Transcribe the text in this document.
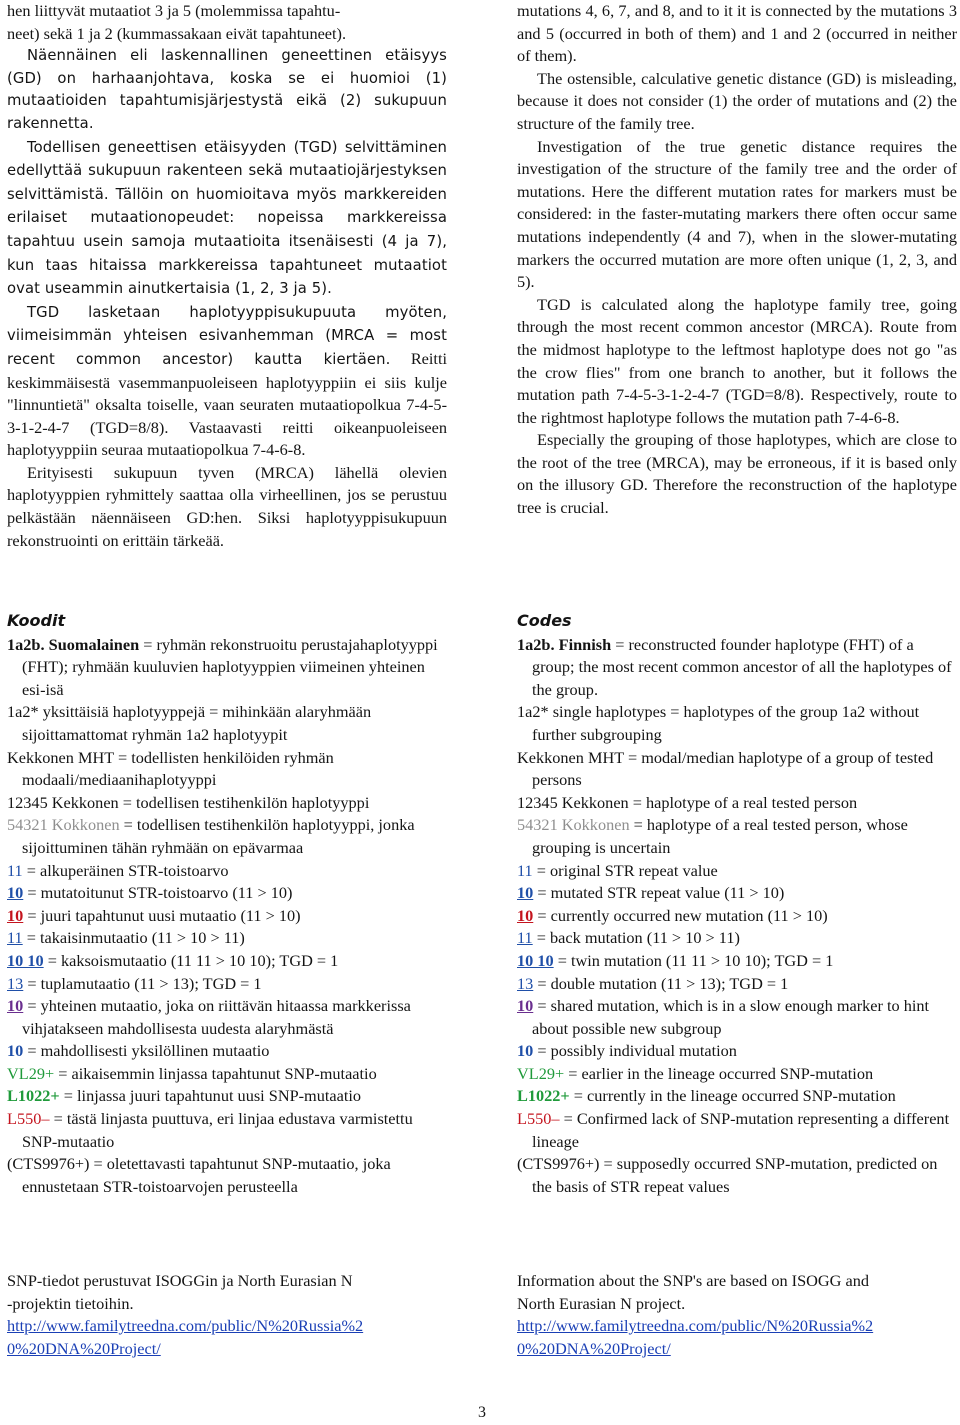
hen liittyvät mutaatiot 3 ja 5 (molemmissa tapahtu-
neet) sekä 1 ja 2 (kummassakaan eivät tapahtuneet).

Näennäinen eli laskennallinen geneettinen etäisyys (GD) on harhaanjohtava, koska se ei huomioi (1) mutaatioiden tapahtumisjärjestystä eikä (2) sukupuun rakennetta.

Todellisen geneettisen etäisyyden (TGD) selvittäminen edellyttää sukupuun rakenteen sekä mutaatiojärjestyksen selvittämistä. Tällöin on huomioitava myös markkereiden erilaiset mutaationopeudet: nopeissa markkereissa tapahtuu usein samoja mutaatioita itsenäisesti (4 ja 7), kun taas hitaissa markkereissa tapahtuneet mutaatiot ovat useammin ainutkertaisia (1, 2, 3 ja 5).

TGD lasketaan haplotyyppisukupuuta myöten, viimeisimmän yhteisen esivanhemman (MRCA = most recent common ancestor) kautta kiertäen. Reitti keskimmäisestä vasemmanpuoleiseen haplotyyppiin ei siis kulje "linnuntietä" oksalta toiselle, vaan seuraten mutaatiopolkua 7-4-5-3-1-2-4-7 (TGD=8/8). Vastaavasti reitti oikeanpuoleiseen haplotyyppiin seuraa mutaatiopolkua 7-4-6-8.

Erityisesti sukupuun tyven (MRCA) lähellä olevien haplotyyppien ryhmittely saattaa olla virheellinen, jos se perustuu pelkästään näennäiseen GD:hen. Siksi haplotyyppisukupuun rekonstruointi on erittäin tärkeää.

Koodit

1a2b. Suomalainen = ryhmän rekonstruoitu perustajahaplotyyppi (FHT); ryhmään kuuluvien haplotyyppien viimeinen yhteinen esi-isä

1a2* yksittäisiä haplotyyppejä = mihinkään alaryhmään sijoittamattomat ryhmän 1a2 haplotyypit

Kekkonen MHT = todellisten henkilöiden ryhmän modaali/mediaanihaplotyyppi

12345 Kekkonen = todellisen testihenkilön haplotyyppi

54321 Kokkonen = todellisen testihenkilön haplotyyppi, jonka sijoittuminen tähän ryhmään on epävarmaa

11 = alkuperäinen STR-toistoarvo

10 = mutatoitunut STR-toistoarvo (11 > 10)

10 = juuri tapahtunut uusi mutaatio (11 > 10)

11 = takaisinmutaatio (11 > 10 > 11)

10 10 = kaksoismutaatio (11 11 > 10 10); TGD = 1

13 = tuplamutaatio (11 > 13); TGD = 1

10 = yhteinen mutaatio, joka on riittävän hitaassa markkerissa vihjatakseen mahdollisesta uudesta alaryhmästä

10 = mahdollisesti yksilöllinen mutaatio

VL29+ = aikaisemmin linjassa tapahtunut SNP-mutaatio

L1022+ = linjassa juuri tapahtunut uusi SNP-mutaatio

L550– = tästä linjasta puuttuva, eri linjaa edustava varmistettu SNP-mutaatio

(CTS9976+) = oletettavasti tapahtunut SNP-mutaatio, joka ennustetaan STR-toistoarvojen perusteella

SNP-tiedot perustuvat ISOGGin ja North Eurasian N
-projektin tietoihin.

http://www.familytreedna.com/public/N%20Russia%2
0%20DNA%20Project/

mutations 4, 6, 7, and 8, and to it it is connected by the mutations 3 and 5 (occurred in both of them) and 1 and 2 (occurred in neither of them).

The ostensible, calculative genetic distance (GD) is misleading, because it does not consider (1) the order of mutations and (2) the structure of the family tree.

Investigation of the true genetic distance requires the investigation of the structure of the family tree and the order of mutations. Here the different mutation rates for markers must be considered: in the faster-mutating markers there often occur same mutations independently (4 and 7), when in the slower-mutating markers the occurred mutation are more often unique (1, 2, 3, and 5).

TGD is calculated along the haplotype family tree, going through the most recent common ancestor (MRCA). Route from the midmost haplotype to the leftmost haplotype does not go "as the crow flies" from one branch to another, but it follows the mutation path 7-4-5-3-1-2-4-7 (TGD=8/8). Respectively, route to the rightmost haplotype follows the mutation path 7-4-6-8.

Especially the grouping of those haplotypes, which are close to the root of the tree (MRCA), may be erroneous, if it is based only on the illusory GD. Therefore the reconstruction of the haplotype tree is crucial.

Codes

1a2b. Finnish = reconstructed founder haplotype (FHT) of a group; the most recent common ancestor of all the haplotypes of the group.

1a2* single haplotypes = haplotypes of the group 1a2 without further subgrouping

Kekkonen MHT = modal/median haplotype of a group of tested persons

12345 Kekkonen = haplotype of a real tested person

54321 Kokkonen = haplotype of a real tested person, whose grouping is uncertain

11 = original STR repeat value

10 = mutated STR repeat value (11 > 10)

10 = currently occurred new mutation (11 > 10)

11 = back mutation (11 > 10 > 11)

10 10 = twin mutation (11 11 > 10 10); TGD = 1

13 = double mutation (11 > 13); TGD = 1

10 = shared mutation, which is in a slow enough marker to hint about possible new subgroup

10 = possibly individual mutation

VL29+ = earlier in the lineage occurred SNP-mutation

L1022+ = currently in the lineage occurred SNP-mutation

L550– = Confirmed lack of SNP-mutation representing a different lineage

(CTS9976+) = supposedly occurred SNP-mutation, predicted on the basis of STR repeat values

Information about the SNP's are based on ISOGG and
North Eurasian N project.

http://www.familytreedna.com/public/N%20Russia%2
0%20DNA%20Project/

3
